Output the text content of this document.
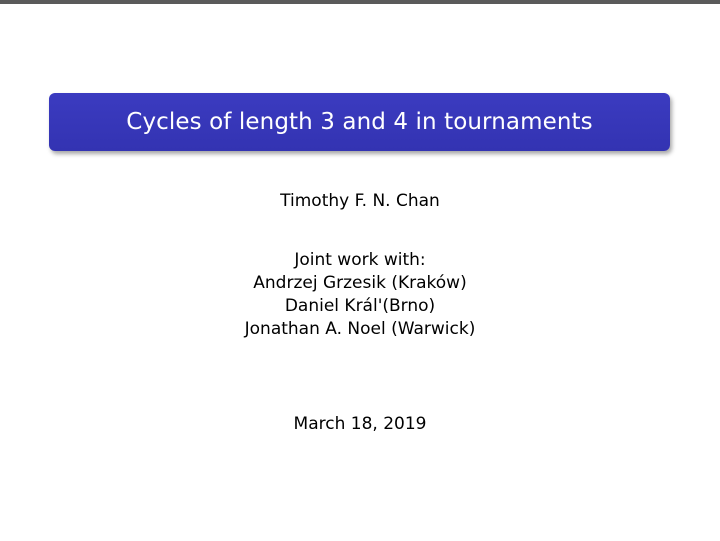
Cycles of length 3 and 4 in tournaments
Timothy F. N. Chan
Joint work with:
Andrzej Grzesik (Kraków)
Daniel Král'(Brno)
Jonathan A. Noel (Warwick)
March 18, 2019
